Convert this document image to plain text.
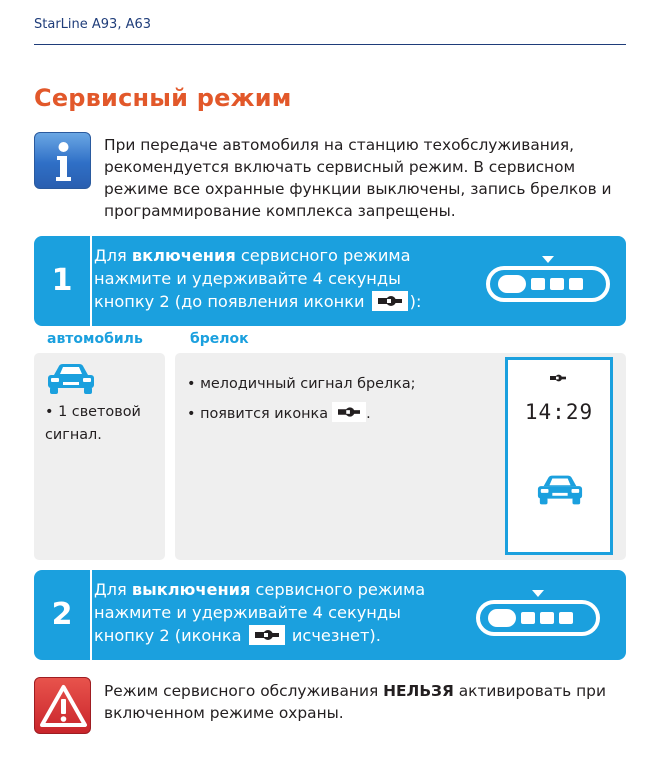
StarLine A93, A63
Сервисный режим
При передаче автомобиля на станцию техобслуживания, рекомендуется включать сервисный режим. В сервисном режиме все охранные функции выключены, запись брелков и программирование комплекса запрещены.
1
Для включения сервисного режима
нажмите и удерживайте 4 секунды
кнопку 2 (до появления иконки
):
автомобиль	брелок
• 1 световой сигнал.
• мелодичный сигнал брелка;
• появится иконка	.	14:29
2
Для выключения сервисного режима
нажмите и удерживайте 4 секунды
кнопку 2 (иконка
исчезнет).
Режим сервисного обслуживания НЕЛЬЗЯ активировать при включенном режиме охраны.
